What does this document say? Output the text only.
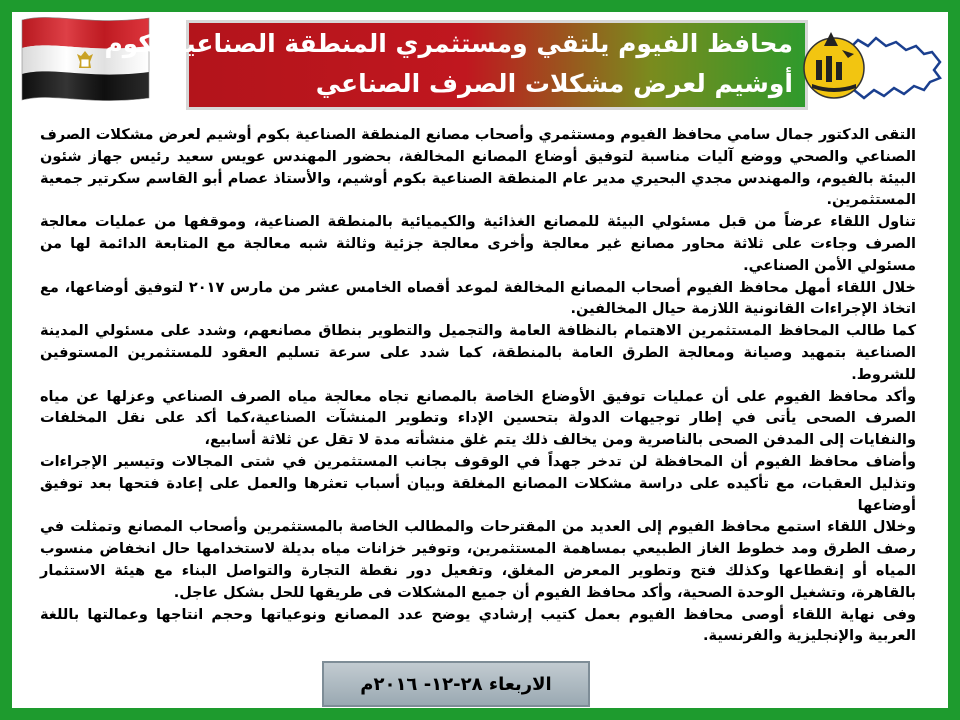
محافظ الفيوم يلتقي ومستثمري المنطقة الصناعية بكوم
أوشيم لعرض مشكلات الصرف الصناعي

التقى الدكتور جمال سامي محافظ الفيوم ومستثمري وأصحاب مصانع المنطقة الصناعية بكوم أوشيم لعرض مشكلات الصرف الصناعي والصحي ووضع آليات مناسبة لتوفيق أوضاع المصانع المخالفة، بحضور المهندس عويس سعيد رئيس جهاز شئون البيئة بالفيوم، والمهندس مجدي البحيري مدير عام المنطقة الصناعية بكوم أوشيم، والأستاذ عصام أبو القاسم سكرتير جمعية المستثمرين.

تناول اللقاء عرضاً من قبل مسئولي البيئة للمصانع الغذائية والكيميائية بالمنطقة الصناعية، وموقفها من عمليات معالجة الصرف وجاءت على ثلاثة محاور مصانع غير معالجة وأخرى معالجة جزئية وثالثة شبه معالجة مع المتابعة الدائمة لها من مسئولي الأمن الصناعي.

خلال اللقاء أمهل محافظ الفيوم أصحاب المصانع المخالفة لموعد أقصاه الخامس عشر من مارس ٢٠١٧ لتوفيق أوضاعها، مع اتخاذ الإجراءات القانونية اللازمة حيال المخالفين.

كما طالب المحافظ المستثمرين الاهتمام بالنظافة العامة والتجميل والتطوير بنطاق مصانعهم، وشدد على مسئولي المدينة الصناعية بتمهيد وصيانة ومعالجة الطرق العامة بالمنطقة، كما شدد على سرعة تسليم العقود للمستثمرين المستوفين للشروط.

وأكد محافظ الفيوم على أن عمليات توفيق الأوضاع الخاصة بالمصانع تجاه معالجة مياه الصرف الصناعي وعزلها عن مياه الصرف الصحى يأتى في إطار توجيهات الدولة بتحسين الإداء وتطوير المنشآت الصناعية،كما أكد على نقل المخلفات والنفايات إلى المدفن الصحى بالناصرية ومن يخالف ذلك يتم غلق منشأته مدة لا تقل عن ثلاثة أسابيع،

وأضاف محافظ الفيوم أن المحافظة لن تدخر جهداً في الوقوف بجانب المستثمرين في شتى المجالات وتيسير الإجراءات وتذليل العقبات، مع تأكيده على دراسة مشكلات المصانع المغلقة وبيان أسباب تعثرها والعمل على إعادة فتحها بعد توفيق أوضاعها

وخلال اللقاء استمع محافظ الفيوم إلى العديد من المقترحات والمطالب الخاصة بالمستثمرين وأصحاب المصانع وتمثلت في رصف الطرق ومد خطوط الغاز الطبيعي بمساهمة المستثمرين، وتوفير خزانات مياه بديلة لاستخدامها حال انخفاض منسوب المياه أو إنقطاعها وكذلك فتح وتطوير المعرض المغلق، وتفعيل دور نقطة التجارة والتواصل البناء مع هيئة الاستثمار بالقاهرة، وتشغيل الوحدة الصحية، وأكد محافظ الفيوم أن جميع المشكلات فى طريقها للحل بشكل عاجل.

وفى نهاية اللقاء أوصى محافظ الفيوم بعمل كتيب إرشادي يوضح عدد المصانع ونوعياتها وحجم انتاجها وعمالتها باللغة العربية والإنجليزية والفرنسية.

الاربعاء ٢٨-١٢- ٢٠١٦م
